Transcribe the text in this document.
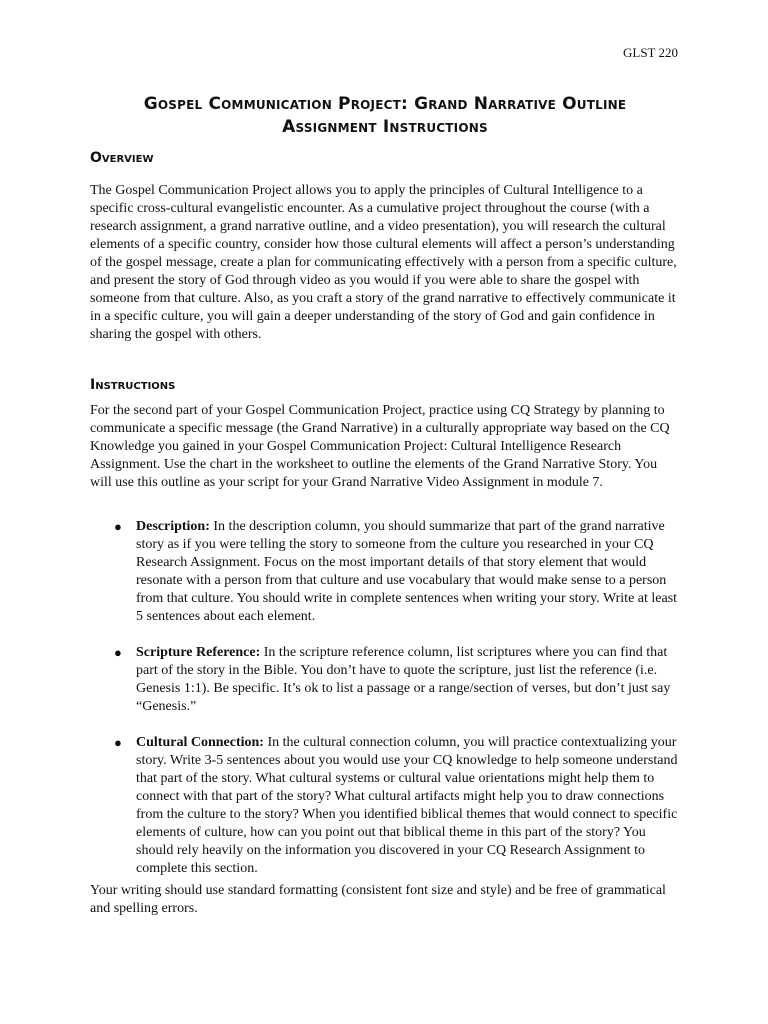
GLST 220
Gospel Communication Project: Grand Narrative Outline
Assignment Instructions
Overview

The Gospel Communication Project allows you to apply the principles of Cultural Intelligence to a specific cross-cultural evangelistic encounter. As a cumulative project throughout the course (with a research assignment, a grand narrative outline, and a video presentation), you will research the cultural elements of a specific country, consider how those cultural elements will affect a person’s understanding of the gospel message, create a plan for communicating effectively with a person from a specific culture, and present the story of God through video as you would if you were able to share the gospel with someone from that culture. Also, as you craft a story of the grand narrative to effectively communicate it in a specific culture, you will gain a deeper understanding of the story of God and gain confidence in sharing the gospel with others.

Instructions

For the second part of your Gospel Communication Project, practice using CQ Strategy by planning to communicate a specific message (the Grand Narrative) in a culturally appropriate way based on the CQ Knowledge you gained in your Gospel Communication Project: Cultural Intelligence Research Assignment. Use the chart in the worksheet to outline the elements of the Grand Narrative Story. You will use this outline as your script for your Grand Narrative Video Assignment in module 7.

● Description: In the description column, you should summarize that part of the grand narrative story as if you were telling the story to someone from the culture you researched in your CQ Research Assignment. Focus on the most important details of that story element that would resonate with a person from that culture and use vocabulary that would make sense to a person from that culture. You should write in complete sentences when writing your story. Write at least 5 sentences about each element.
● Scripture Reference: In the scripture reference column, list scriptures where you can find that part of the story in the Bible. You don’t have to quote the scripture, just list the reference (i.e. Genesis 1:1). Be specific. It’s ok to list a passage or a range/section of verses, but don’t just say “Genesis.”
● Cultural Connection: In the cultural connection column, you will practice contextualizing your story. Write 3-5 sentences about you would use your CQ knowledge to help someone understand that part of the story. What cultural systems or cultural value orientations might help them to connect with that part of the story? What cultural artifacts might help you to draw connections from the culture to the story? When you identified biblical themes that would connect to specific elements of culture, how can you point out that biblical theme in this part of the story? You should rely heavily on the information you discovered in your CQ Research Assignment to complete this section.

Your writing should use standard formatting (consistent font size and style) and be free of grammatical and spelling errors.
